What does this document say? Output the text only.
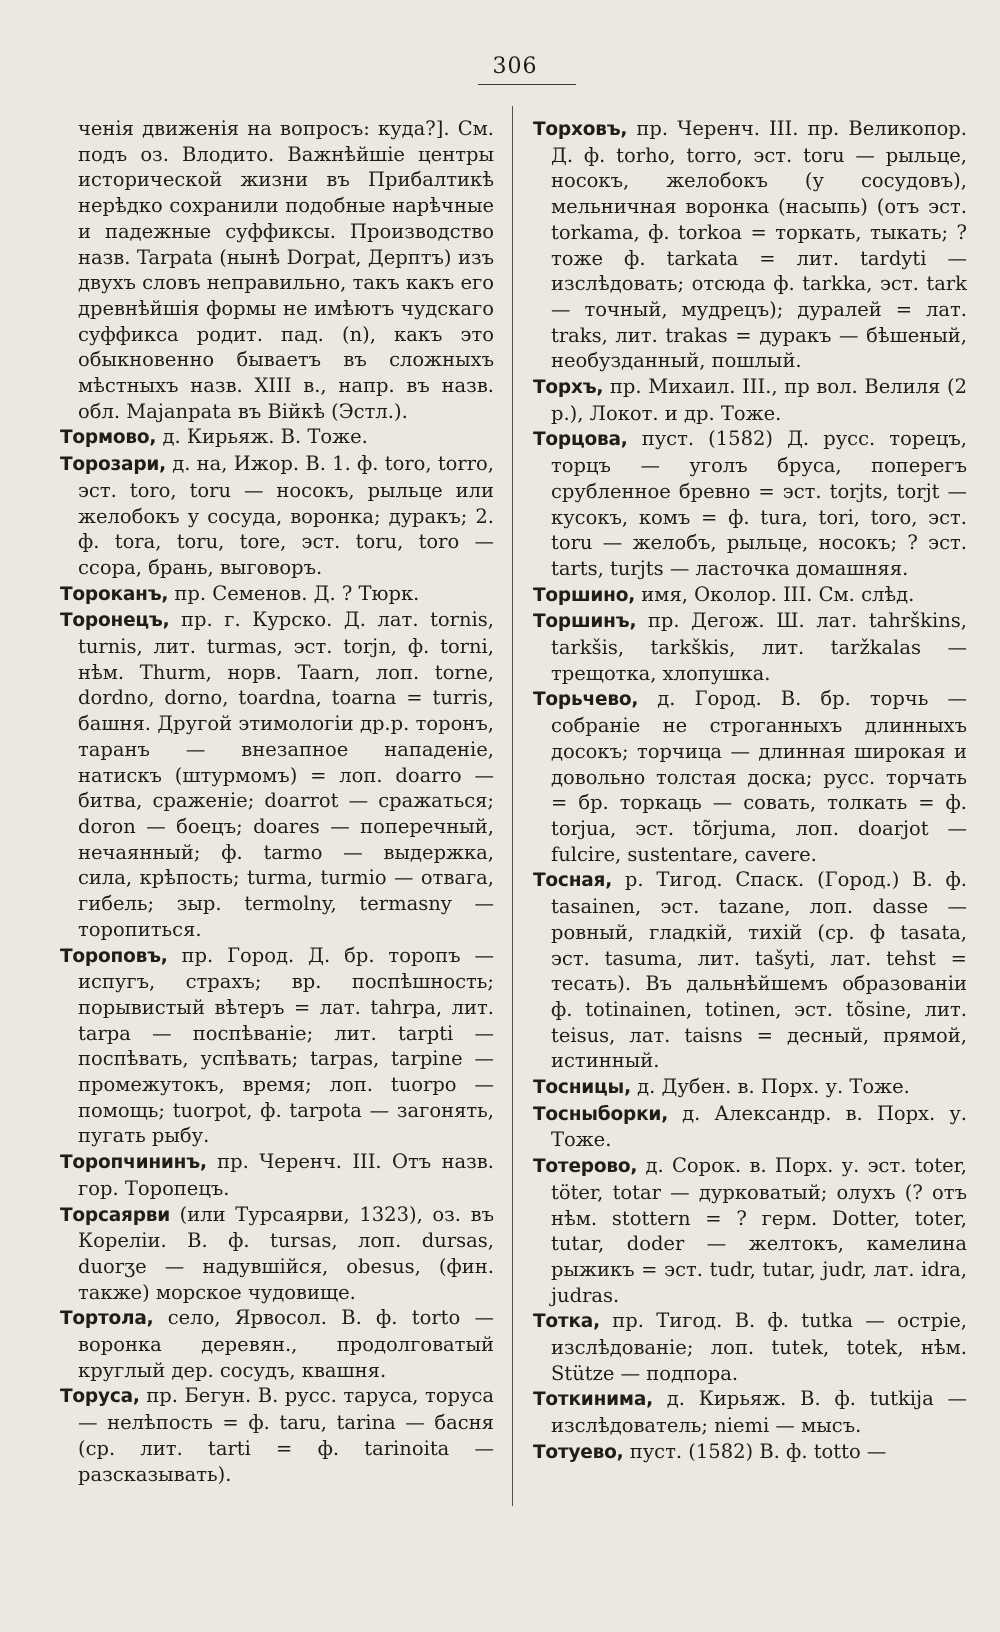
306

ченія движенія на вопросъ: куда?]. См. подъ оз. Влодито. Важнѣйшіе центры исторической жизни въ Прибалтикѣ нерѣдко сохранили подобные нарѣчные и падежные суффиксы. Производство назв. Tarpata (нынѣ Dorpat, Дерптъ) изъ двухъ словъ неправильно, такъ какъ его древнѣйшія формы не имѣютъ чудскаго суффикса родит. пад. (n), какъ это обыкновенно бываетъ въ сложныхъ мѣстныхъ назв. XIII в., напр. въ назв. обл. Majanpata въ Вiйкѣ (Эстл.).

Тормово, д. Кирьяж. В. Тоже.

Торозари, д. на, Ижор. В. 1. ф. toro, torro, эст. toro, toru — носокъ, рыльце или желобокъ у сосуда, воронка; дуракъ; 2. ф. tora, toru, tore, эст. toru, toro — ссора, брань, выговоръ.

Тороканъ, пр. Семенов. Д. ? Тюрк.

Торонецъ, пр. г. Курско. Д. лат. tornis, turnis, лит. turmas, эст. torjn, ф. torni, нѣм. Thurm, норв. Taarn, лоп. torne, dordno, dorno, toardna, toarna = turris, башня. Другой этимологіи др.р. торонъ, таранъ — внезапное нападеніе, натискъ (штурмомъ) = лоп. doarro — битва, сраженіе; doarrot — сражаться; doron — боецъ; doares — поперечный, нечаянный; ф. tarmo — выдержка, сила, крѣпость; turma, turmio — отвага, гибель; зыр. termolny, termasny — торопиться.

Тороповъ, пр. Город. Д. бр. торопъ — испугъ, страхъ; вр. поспѣшность; порывистый вѣтеръ = лат. tahrpa, лит. tarpa — поспѣваніе; лит. tarpti — поспѣвать, успѣвать; tarpas, tarpine — промежутокъ, время; лоп. tuorpo — помощь; tuorpot, ф. tarpota — загонять, пугать рыбу.

Торопчининъ, пр. Черенч. III. Отъ назв. гор. Торопецъ.

Торсаярви (или Турсаярви, 1323), оз. въ Кореліи. В. ф. tursas, лоп. dursas, duorʒe — надувшійся, obesus, (фин. также) морское чудовище.

Тортола, село, Ярвосол. В. ф. torto — воронка деревян., продолговатый круглый дер. сосудъ, квашня.

Торуса, пр. Бегун. В. русс. таруса, торуса — нелѣпость = ф. taru, tarina — басня (ср. лит. tarti = ф. tarinoita — разсказывать).

Торховъ, пр. Черенч. III. пр. Великопор. Д. ф. torho, torro, эст. toru — рыльце, носокъ, желобокъ (у сосудовъ), мельничная воронка (насыпь) (отъ эст. torkama, ф. torkoa = торкать, тыкать; ? тоже ф. tarkata = лит. tardyti — изслѣдовать; отсюда ф. tarkka, эст. tark — точный, мудрецъ); дуралей = лат. traks, лит. trakas = дуракъ — бѣшеный, необузданный, пошлый.

Торхъ, пр. Михаил. III., пр вол. Велиля (2 р.), Локот. и др. Тоже.

Торцова, пуст. (1582) Д. русс. торецъ, торцъ — уголъ бруса, поперегъ срубленное бревно = эст. torjts, torjt — кусокъ, комъ = ф. tura, tori, toro, эст. toru — желобъ, рыльце, носокъ; ? эст. tarts, turjts — ласточка домашняя.

Торшино, имя, Околор. III. См. слѣд.

Торшинъ, пр. Дегож. Ш. лат. tahrškins, tarkšis, tarkškis, лит. taržkalas — трещотка, хлопушка.

Торьчево, д. Город. В. бр. торчь — собраніе не строганныхъ длинныхъ досокъ; торчица — длинная широкая и довольно толстая доска; русс. торчать = бр. торкаць — совать, толкать = ф. torjua, эст. tõrjuma, лоп. doarjot — fulcire, sustentare, cavere.

Тосная, р. Тигод. Спаск. (Город.) В. ф. tasainen, эст. tazane, лоп. dasse — ровный, гладкій, тихій (ср. ф tasata, эст. tasuma, лит. tašyti, лат. tehst = тесать). Въ дальнѣйшемъ образованіи ф. totinainen, totinen, эст. tõsine, лит. teisus, лат. taisns = десный, прямой, истинный.

Тосницы, д. Дубен. в. Порх. у. Тоже.

Тосныборки, д. Александр. в. Порх. у. Тоже.

Тотерово, д. Сорок. в. Порх. у. эст. toter, töter, totar — дурковатый; олухъ (? отъ нѣм. stottern = ? герм. Dotter, toter, tutar, doder — желтокъ, камелина рыжикъ = эст. tudr, tutar, judr, лат. idra, judras.

Тотка, пр. Тигод. В. ф. tutka — остріе, изслѣдованіе; лоп. tutek, totek, нѣм. Stütze — подпора.

Тоткинима, д. Кирьяж. В. ф. tutkija — изслѣдователь; niemi — мысъ.

Тотуево, пуст. (1582) В. ф. totto —
